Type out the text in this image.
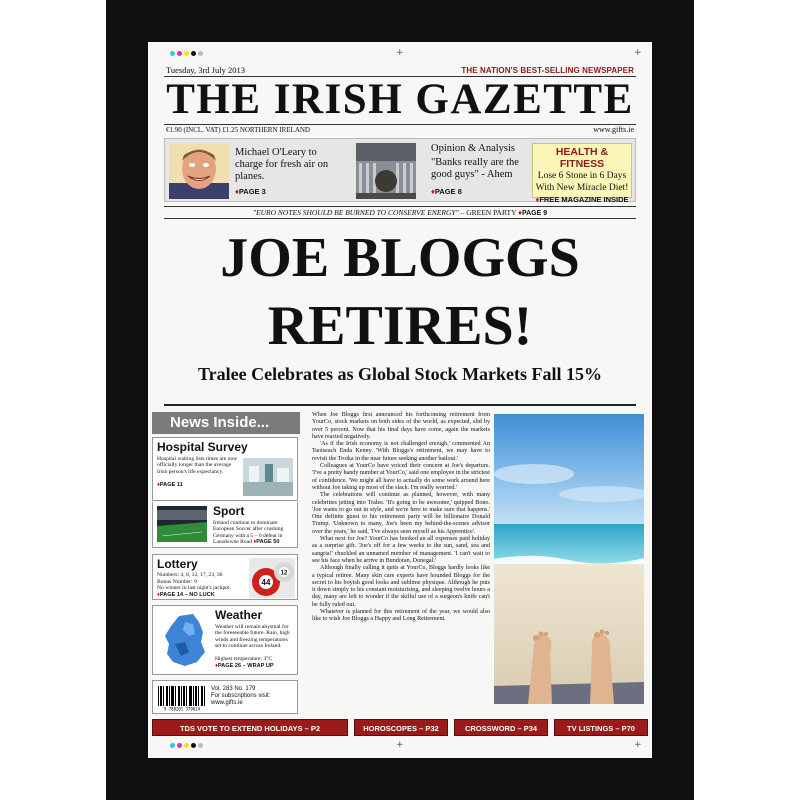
+	+
+	+
Tuesday, 3rd July 2013	THE NATION'S BEST-SELLING NEWSPAPER
THE IRISH GAZETTE
€1.90 (INCL. VAT) £1.25 NORTHERN IRELAND	www.gifts.ie
Michael O'Leary to charge for fresh air on planes.
♦PAGE 3
Opinion & Analysis
"Banks really are the good guys" - Ahem
♦PAGE 8
HEALTH & FITNESS
Lose 6 Stone in 6 Days
With New Miracle Diet!
♦FREE MAGAZINE INSIDE
"EURO NOTES SHOULD BE BURNED TO CONSERVE ENERGY" – GREEN PARTY ♦PAGE 9
JOE BLOGGS
RETIRES!
Tralee Celebrates as Global Stock Markets Fall 15%
News Inside...
Hospital Survey
Hospital waiting lists times are now officially longer than the average Irish person's life expectancy.
♦PAGE 11
Sport
Ireland continue to dominate European Soccer after crushing Germany with a 5 – 0 defeat in Lansdowne Road ♦PAGE 50
Lottery
Numbers: 4, 8, 12, 17, 23, 36
Bonus Number: 9
No winner in last night's jackpot.
♦PAGE 14 – NO LUCK
44
12
Weather
Weather will remain abysmal for the foreseeable future. Rain, high winds and freezing temperatures set to continue across Ireland.
Highest temperature: 3°C
♦PAGE 26 – WRAP UP
9 780201 379624
Vol. 283 No. 179
For subscriptions visit:
www.gifts.ie

When Joe Bloggs first announced his forthcoming retirement from YourCo, stock markets on both sides of the world, as expected, slid by over 5 percent. Now that his final days have come, again the markets have reacted negatively.

'As if the Irish economy is not challenged enough,' commented An Taoiseach Enda Kenny. 'With Bloggs's retirement, we may have to revisit the Troika in the near future seeking another bailout.'

Colleagues at YourCo have voiced their concern at Joe's departure. 'I've a pretty handy number at YourCo,' said one employee in the strictest of confidence. 'We might all have to actually do some work around here without Joe taking up most of the slack. I'm really worried.'

The celebrations will continue as planned, however, with many celebrities jetting into Tralee. 'It's going to be awesome,' quipped Bono. 'Joe wants to go out in style, and we're here to make sure that happens.' One definite guest to his retirement party will be billionaire Donald Trump. 'Unknown to many, Joe's been my behind-the-scenes advisor over the years,' he said, 'I've always seen myself as his Apprentice'.

What next for Joe? YourCo has booked an all expenses paid holiday as a surprise gift. 'Joe's off for a few weeks to the sun, sand, sea and sangria!' chuckled an unnamed member of management. 'I can't wait to see his face when he arrive in Bundoran, Donegal.'

Although finally calling it quits at YourCo, Bloggs hardly looks like a typical retiree. Many skin care experts have hounded Bloggs for the secret to his boyish good looks and sublime physique. Although he puts it down simply to his constant moisturising, and sleeping twelve hours a day, many are left to wonder if the skilful use of a surgeon's knife can't be fully ruled out.

Whatever is planned for this retirement of the year, we would also like to wish Joe Bloggs a Happy and Long Retirement.

TDS VOTE TO EXTEND HOLIDAYS – P2	HOROSCOPES – P32	CROSSWORD – P34	TV LISTINGS – P70
